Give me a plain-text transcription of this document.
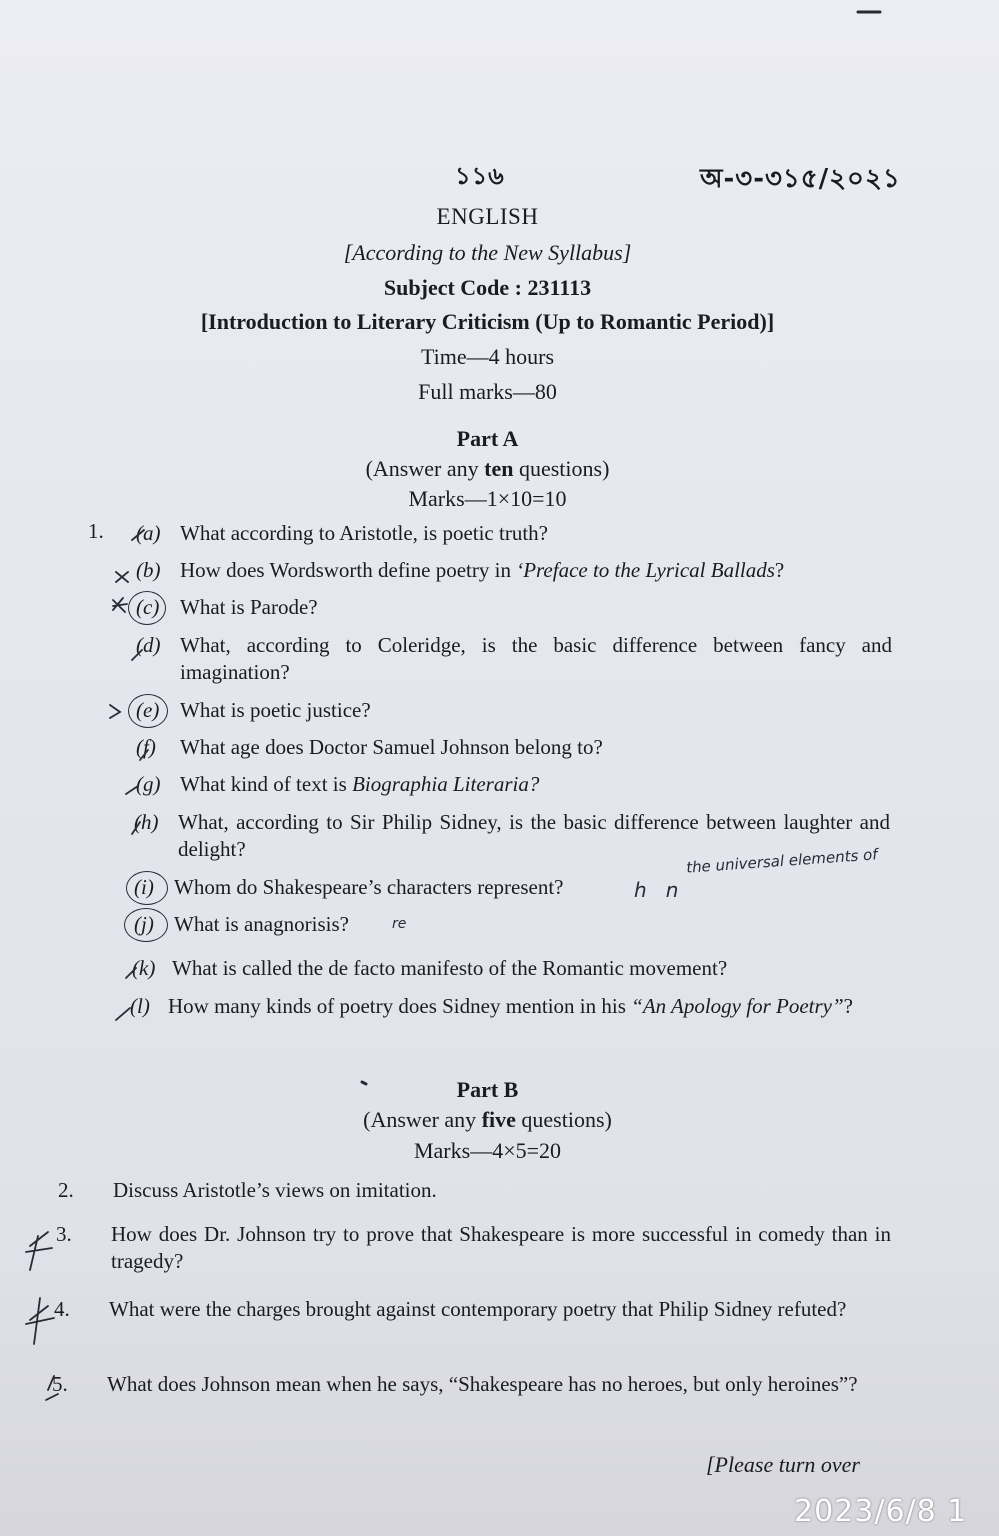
১১৬	অ-৩-৩১৫/২০২১
ENGLISH
[According to the New Syllabus]
Subject Code : 231113
[Introduction to Literary Criticism (Up to Romantic Period)]
Time—4 hours
Full marks—80
Part A
(Answer any ten questions)
Marks—1×10=10
1. (a) What according to Aristotle, is poetic truth?
(b) How does Wordsworth define poetry in ‘Preface to the Lyrical Ballads?
(c) What is Parode?
(d) What, according to Coleridge, is the basic difference between fancy and imagination?
(e) What is poetic justice?
(f) What age does Doctor Samuel Johnson belong to?
(g) What kind of text is Biographia Literaria?
(h) What, according to Sir Philip Sidney, is the basic difference between laughter and delight?
(i) Whom do Shakespeare’s characters represent?
(j) What is anagnorisis?
(k) What is called the de facto manifesto of the Romantic movement?
(l) How many kinds of poetry does Sidney mention in his “An Apology for Poetry”?
Part B
(Answer any five questions)
Marks—4×5=20
2. Discuss Aristotle’s views on imitation.
3. How does Dr. Johnson try to prove that Shakespeare is more successful in comedy than in tragedy?
4. What were the charges brought against contemporary poetry that Philip Sidney refuted?
5. What does Johnson mean when he says, “Shakespeare has no heroes, but only heroines”?
[Please turn over
the universal elements of
h   n
re
2023/6/8 1
